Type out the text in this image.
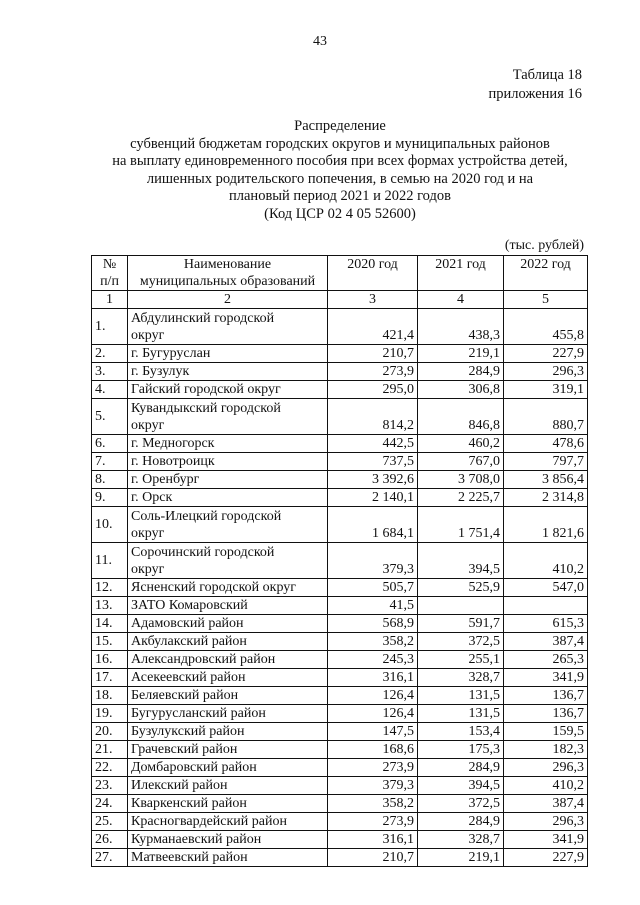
43
Таблица 18
приложения 16
Распределение
субвенций бюджетам городских округов и муниципальных районов
на выплату единовременного пособия при всех формах устройства детей,
лишенных родительского попечения, в семью на 2020 год и на
плановый период 2021 и 2022 годов
(Код ЦСР 02 4 05 52600)
(тыс. рублей)
№
п/п	Наименование
муниципальных образований	2020 год	2021 год	2022 год
1	2	3	4	5
1.	Абдулинский городской
округ	421,4	438,3	455,8
2.	г. Бугуруслан	210,7	219,1	227,9
3.	г. Бузулук	273,9	284,9	296,3
4.	Гайский городской округ	295,0	306,8	319,1
5.	Кувандыкский городской
округ	814,2	846,8	880,7
6.	г. Медногорск	442,5	460,2	478,6
7.	г. Новотроицк	737,5	767,0	797,7
8.	г. Оренбург	3 392,6	3 708,0	3 856,4
9.	г. Орск	2 140,1	2 225,7	2 314,8
10.	Соль-Илецкий городской
округ	1 684,1	1 751,4	1 821,6
11.	Сорочинский городской
округ	379,3	394,5	410,2
12.	Ясненский городской округ	505,7	525,9	547,0
13.	ЗАТО Комаровский	41,5		
14.	Адамовский район	568,9	591,7	615,3
15.	Акбулакский район	358,2	372,5	387,4
16.	Александровский район	245,3	255,1	265,3
17.	Асекеевский район	316,1	328,7	341,9
18.	Беляевский район	126,4	131,5	136,7
19.	Бугурусланский район	126,4	131,5	136,7
20.	Бузулукский район	147,5	153,4	159,5
21.	Грачевский район	168,6	175,3	182,3
22.	Домбаровский район	273,9	284,9	296,3
23.	Илекский район	379,3	394,5	410,2
24.	Кваркенский район	358,2	372,5	387,4
25.	Красногвардейский район	273,9	284,9	296,3
26.	Курманаевский район	316,1	328,7	341,9
27.	Матвеевский район	210,7	219,1	227,9
